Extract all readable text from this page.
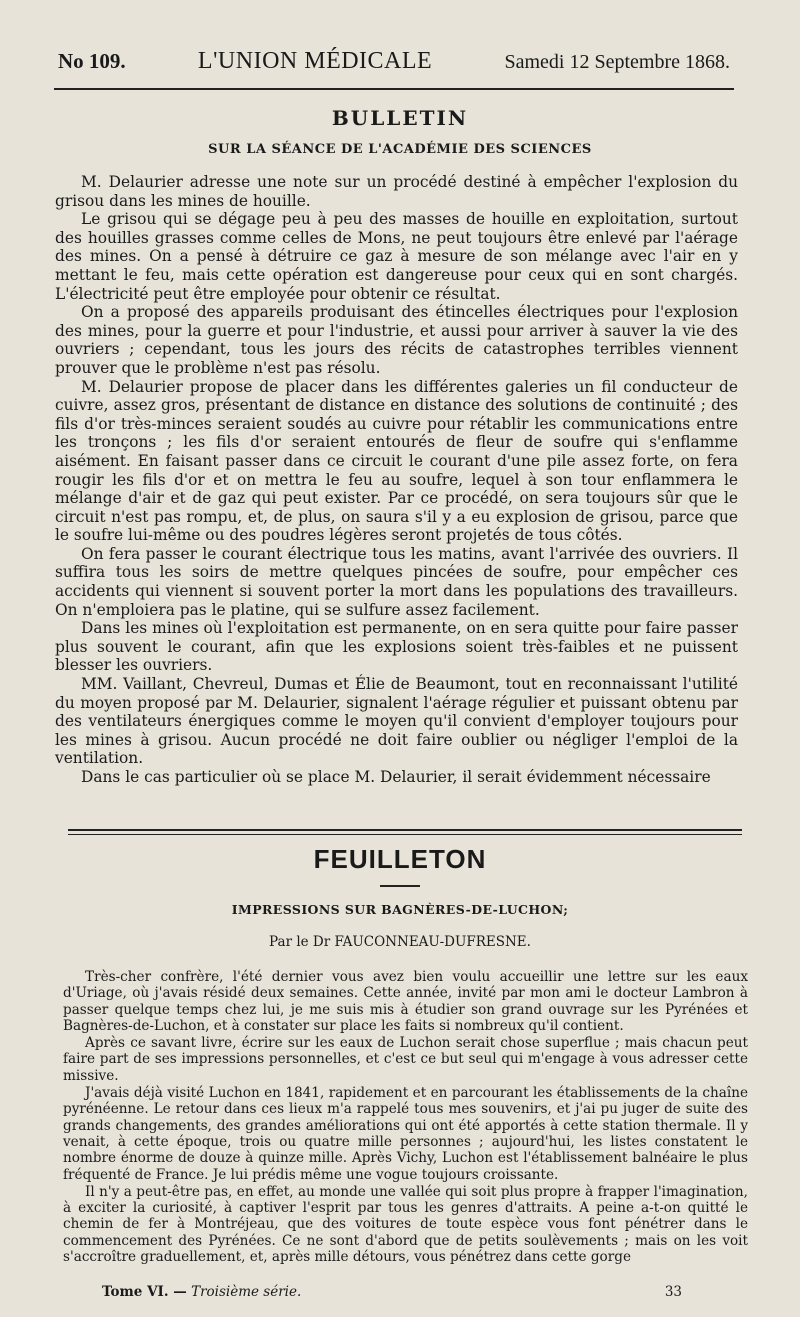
No 109.	L'UNION MÉDICALE	Samedi 12 Septembre 1868.
BULLETIN
SUR LA SÉANCE DE L'ACADÉMIE DES SCIENCES

M. Delaurier adresse une note sur un procédé destiné à empêcher l'explosion du grisou dans les mines de houille.

Le grisou qui se dégage peu à peu des masses de houille en exploitation, surtout des houilles grasses comme celles de Mons, ne peut toujours être enlevé par l'aérage des mines. On a pensé à détruire ce gaz à mesure de son mélange avec l'air en y mettant le feu, mais cette opération est dangereuse pour ceux qui en sont chargés. L'électricité peut être employée pour obtenir ce résultat.

On a proposé des appareils produisant des étincelles électriques pour l'explosion des mines, pour la guerre et pour l'industrie, et aussi pour arriver à sauver la vie des ouvriers ; cependant, tous les jours des récits de catastrophes terribles viennent prouver que le problème n'est pas résolu.

M. Delaurier propose de placer dans les différentes galeries un fil conducteur de cuivre, assez gros, présentant de distance en distance des solutions de continuité ; des fils d'or très-minces seraient soudés au cuivre pour rétablir les communications entre les tronçons ; les fils d'or seraient entourés de fleur de soufre qui s'enflamme aisément. En faisant passer dans ce circuit le courant d'une pile assez forte, on fera rougir les fils d'or et on mettra le feu au soufre, lequel à son tour enflammera le mélange d'air et de gaz qui peut exister. Par ce procédé, on sera toujours sûr que le circuit n'est pas rompu, et, de plus, on saura s'il y a eu explosion de grisou, parce que le soufre lui-même ou des poudres légères seront projetés de tous côtés.

On fera passer le courant électrique tous les matins, avant l'arrivée des ouvriers. Il suffira tous les soirs de mettre quelques pincées de soufre, pour empêcher ces accidents qui viennent si souvent porter la mort dans les populations des travailleurs. On n'emploiera pas le platine, qui se sulfure assez facilement.

Dans les mines où l'exploitation est permanente, on en sera quitte pour faire passer plus souvent le courant, afin que les explosions soient très-faibles et ne puissent blesser les ouvriers.

MM. Vaillant, Chevreul, Dumas et Élie de Beaumont, tout en reconnaissant l'utilité du moyen proposé par M. Delaurier, signalent l'aérage régulier et puissant obtenu par des ventilateurs énergiques comme le moyen qu'il convient d'employer toujours pour les mines à grisou. Aucun procédé ne doit faire oublier ou négliger l'emploi de la ventilation.

Dans le cas particulier où se place M. Delaurier, il serait évidemment nécessaire

FEUILLETON
IMPRESSIONS SUR BAGNÈRES-DE-LUCHON;
Par le Dr FAUCONNEAU-DUFRESNE.

Très-cher confrère, l'été dernier vous avez bien voulu accueillir une lettre sur les eaux d'Uriage, où j'avais résidé deux semaines. Cette année, invité par mon ami le docteur Lambron à passer quelque temps chez lui, je me suis mis à étudier son grand ouvrage sur les Pyrénées et Bagnères-de-Luchon, et à constater sur place les faits si nombreux qu'il contient.

Après ce savant livre, écrire sur les eaux de Luchon serait chose superflue ; mais chacun peut faire part de ses impressions personnelles, et c'est ce but seul qui m'engage à vous adresser cette missive.

J'avais déjà visité Luchon en 1841, rapidement et en parcourant les établissements de la chaîne pyrénéenne. Le retour dans ces lieux m'a rappelé tous mes souvenirs, et j'ai pu juger de suite des grands changements, des grandes améliorations qui ont été apportés à cette station thermale. Il y venait, à cette époque, trois ou quatre mille personnes ; aujourd'hui, les listes constatent le nombre énorme de douze à quinze mille. Après Vichy, Luchon est l'établissement balnéaire le plus fréquenté de France. Je lui prédis même une vogue toujours croissante.

Il n'y a peut-être pas, en effet, au monde une vallée qui soit plus propre à frapper l'imagination, à exciter la curiosité, à captiver l'esprit par tous les genres d'attraits. A peine a-t-on quitté le chemin de fer à Montréjeau, que des voitures de toute espèce vous font pénétrer dans le commencement des Pyrénées. Ce ne sont d'abord que de petits soulèvements ; mais on les voit s'accroître graduellement, et, après mille détours, vous pénétrez dans cette gorge

Tome VI. — Troisième série.	33
